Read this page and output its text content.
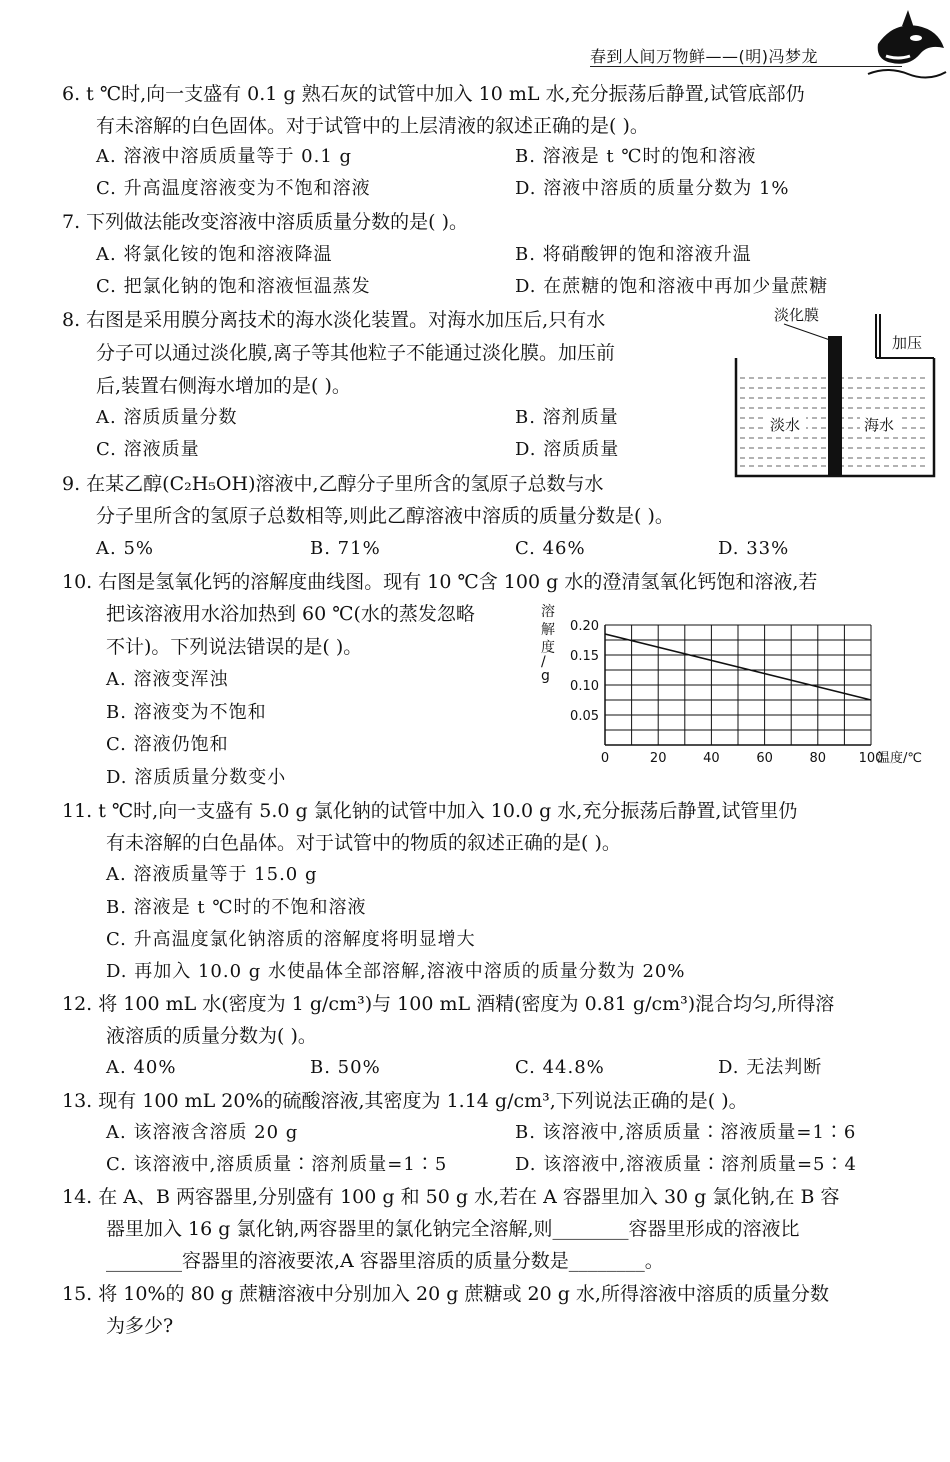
春到人间万物鲜——(明)冯梦龙
6. t ℃时,向一支盛有 0.1 g 熟石灰的试管中加入 10 mL 水,充分振荡后静置,试管底部仍
有未溶解的白色固体。对于试管中的上层清液的叙述正确的是( )。
A. 溶液中溶质质量等于 0.1 g	B. 溶液是 t ℃时的饱和溶液
C. 升高温度溶液变为不饱和溶液	D. 溶液中溶质的质量分数为 1%
7. 下列做法能改变溶液中溶质质量分数的是( )。
A. 将氯化铵的饱和溶液降温	B. 将硝酸钾的饱和溶液升温
C. 把氯化钠的饱和溶液恒温蒸发	D. 在蔗糖的饱和溶液中再加少量蔗糖
8. 右图是采用膜分离技术的海水淡化装置。对海水加压后,只有水
分子可以通过淡化膜,离子等其他粒子不能通过淡化膜。加压前
后,装置右侧海水增加的是( )。
A. 溶质质量分数	B. 溶剂质量
C. 溶液质量	D. 溶质质量
淡化膜
加压
淡水	海水
9. 在某乙醇(C₂H₅OH)溶液中,乙醇分子里所含的氢原子总数与水
分子里所含的氢原子总数相等,则此乙醇溶液中溶质的质量分数是( )。
A. 5%	B. 71%	C. 46%	D. 33%
10. 右图是氢氧化钙的溶解度曲线图。现有 10 ℃含 100 g 水的澄清氢氧化钙饱和溶液,若
把该溶液用水浴加热到 60 ℃(水的蒸发忽略
不计)。下列说法错误的是( )。
A. 溶液变浑浊
B. 溶液变为不饱和
C. 溶液仍饱和
D. 溶质质量分数变小
溶
解
度
/
g
0	20	40	60	80	100
0.05
0.10
0.15
0.20
温度/℃
11. t ℃时,向一支盛有 5.0 g 氯化钠的试管中加入 10.0 g 水,充分振荡后静置,试管里仍
有未溶解的白色晶体。对于试管中的物质的叙述正确的是( )。
A. 溶液质量等于 15.0 g
B. 溶液是 t ℃时的不饱和溶液
C. 升高温度氯化钠溶质的溶解度将明显增大
D. 再加入 10.0 g 水使晶体全部溶解,溶液中溶质的质量分数为 20%
12. 将 100 mL 水(密度为 1 g/cm³)与 100 mL 酒精(密度为 0.81 g/cm³)混合均匀,所得溶
液溶质的质量分数为( )。
A. 40%	B. 50%	C. 44.8%	D. 无法判断
13. 现有 100 mL 20%的硫酸溶液,其密度为 1.14 g/cm³,下列说法正确的是( )。
A. 该溶液含溶质 20 g	B. 该溶液中,溶质质量∶溶液质量=1∶6
C. 该溶液中,溶质质量∶溶剂质量=1∶5	D. 该溶液中,溶液质量∶溶剂质量=5∶4
14. 在 A、B 两容器里,分别盛有 100 g 和 50 g 水,若在 A 容器里加入 30 g 氯化钠,在 B 容
器里加入 16 g 氯化钠,两容器里的氯化钠完全溶解,则________容器里形成的溶液比
________容器里的溶液要浓,A 容器里溶质的质量分数是________。
15. 将 10%的 80 g 蔗糖溶液中分别加入 20 g 蔗糖或 20 g 水,所得溶液中溶质的质量分数
为多少?
